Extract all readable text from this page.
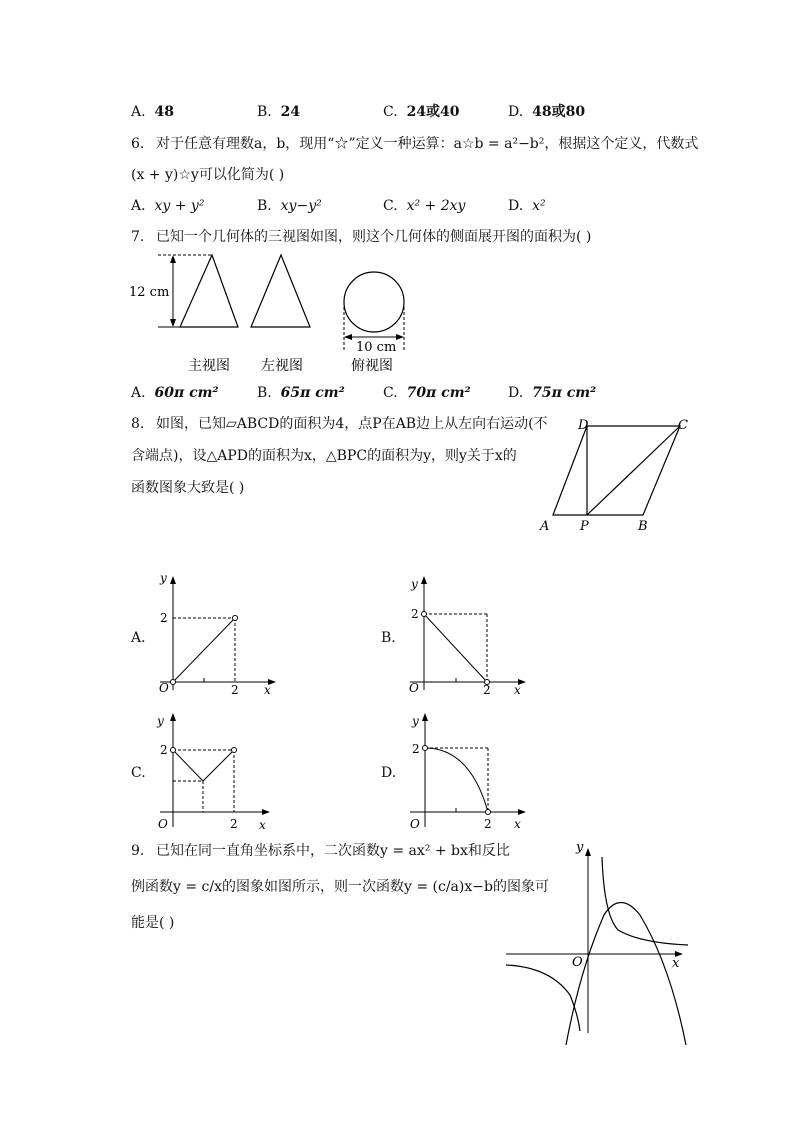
A. 48	B. 24	C. 24或40	D. 48或80
6. 对于任意有理数a，b，现用“☆”定义一种运算：a☆b = a²−b²，根据这个定义，代数式
(x + y)☆y可以化简为( )
A. xy + y²	B. xy−y²	C. x² + 2xy	D. x²
7. 已知一个几何体的三视图如图，则这个几何体的侧面展开图的面积为( )
12 cm
10 cm
主视图 左视图	俯视图
A. 60π cm²	B. 65π cm²	C. 70π cm²	D. 75π cm²
8. 如图，已知▱ABCD的面积为4，点P在AB边上从左向右运动(不
含端点)，设△APD的面积为x，△BPC的面积为y，则y关于x的
函数图象大致是( )
D	C
A P	B
A.
y
2
O	2 x
B.
y
2
O	2 x
C.
y
2
O	2 x
D.
y
2
O	2 x
9. 已知在同一直角坐标系中，二次函数y = ax² + bx和反比
例函数y = c/x的图象如图所示，则一次函数y = (c/a)x−b的图象可
能是( )
y
x
O
